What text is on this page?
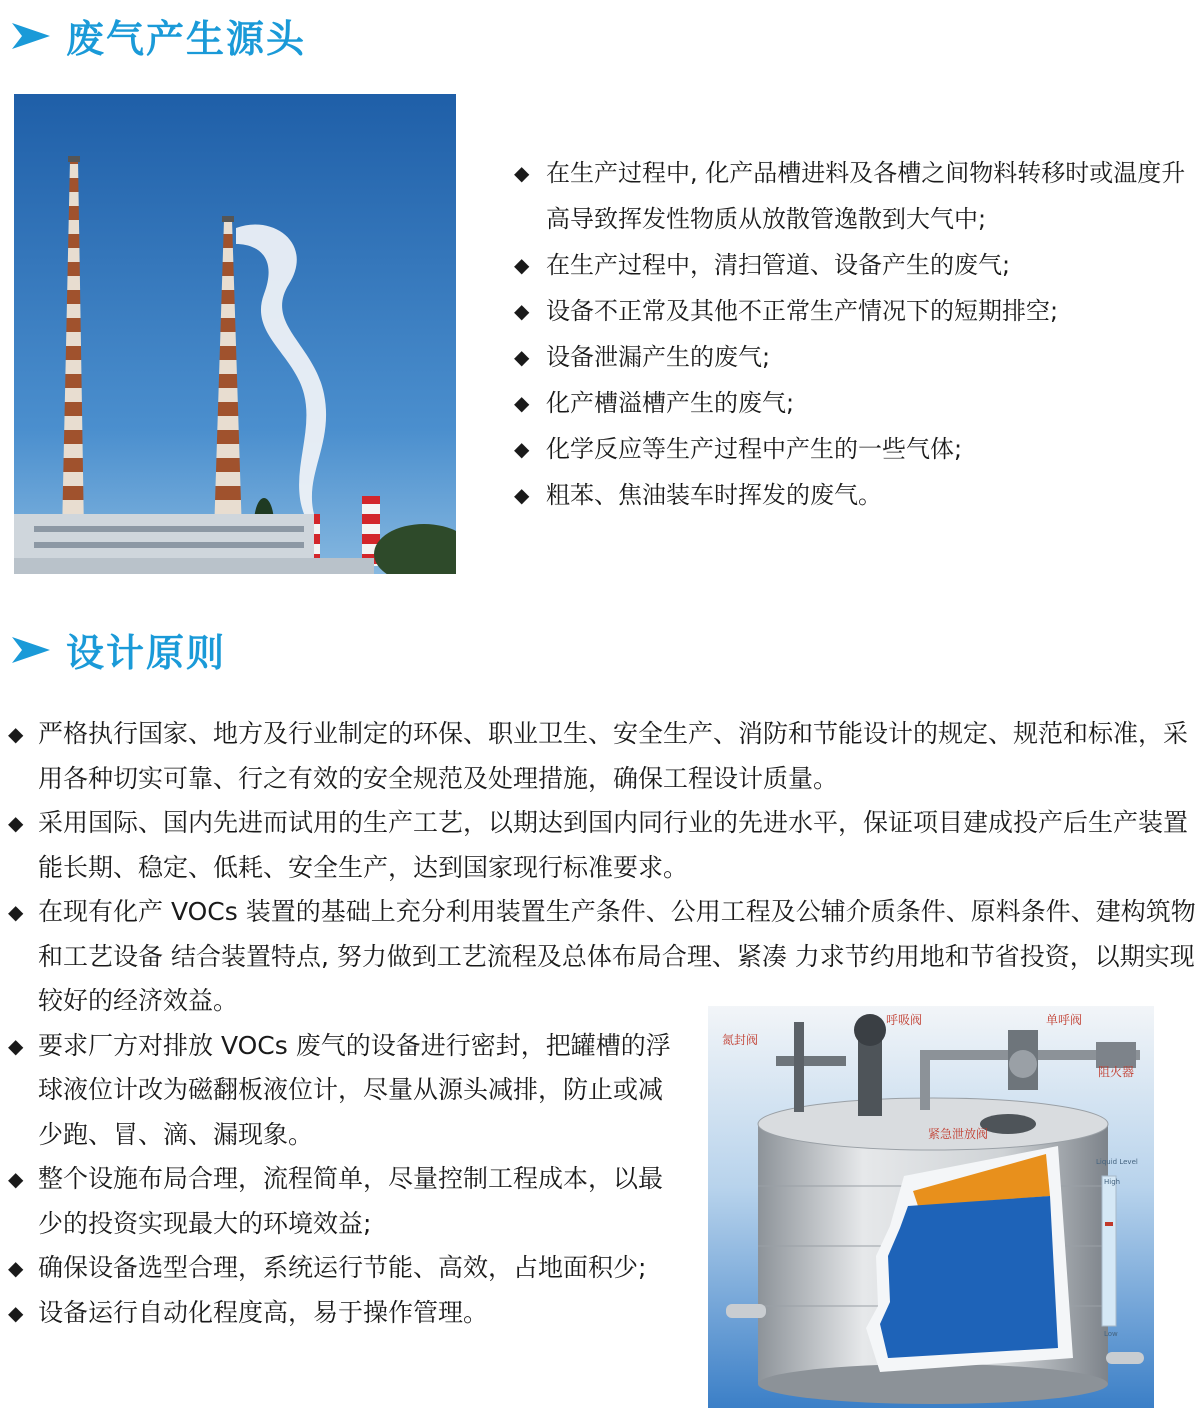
废气产生源头
◆ 在生产过程中, 化产品槽进料及各槽之间物料转移时或温度升高导致挥发性物质从放散管逸散到大气中;
◆ 在生产过程中，清扫管道、设备产生的废气;
◆ 设备不正常及其他不正常生产情况下的短期排空;
◆ 设备泄漏产生的废气;
◆ 化产槽溢槽产生的废气;
◆ 化学反应等生产过程中产生的一些气体;
◆ 粗苯、焦油装车时挥发的废气。
设计原则
◆ 严格执行国家、地方及行业制定的环保、职业卫生、安全生产、消防和节能设计的规定、规范和标准，采用各种切实可靠、行之有效的安全规范及处理措施，确保工程设计质量。
◆ 采用国际、国内先进而试用的生产工艺，以期达到国内同行业的先进水平，保证项目建成投产后生产装置能长期、稳定、低耗、安全生产，达到国家现行标准要求。
◆ 在现有化产 VOCs 装置的基础上充分利用装置生产条件、公用工程及公辅介质条件、原料条件、建构筑物和工艺设备 结合装置特点, 努力做到工艺流程及总体布局合理、紧凑 力求节约用地和节省投资，以期实现较好的经济效益。
◆ 要求厂方对排放 VOCs 废气的设备进行密封，把罐槽的浮球液位计改为磁翻板液位计，尽量从源头减排，防止或减少跑、冒、滴、漏现象。
◆ 整个设施布局合理，流程简单，尽量控制工程成本，以最少的投资实现最大的环境效益;
◆ 确保设备选型合理，系统运行节能、高效，占地面积少;
◆ 设备运行自动化程度高，易于操作管理。
氮封阀
呼吸阀	单呼阀
阻火器
紧急泄放阀
Liquid Level
High
Low
